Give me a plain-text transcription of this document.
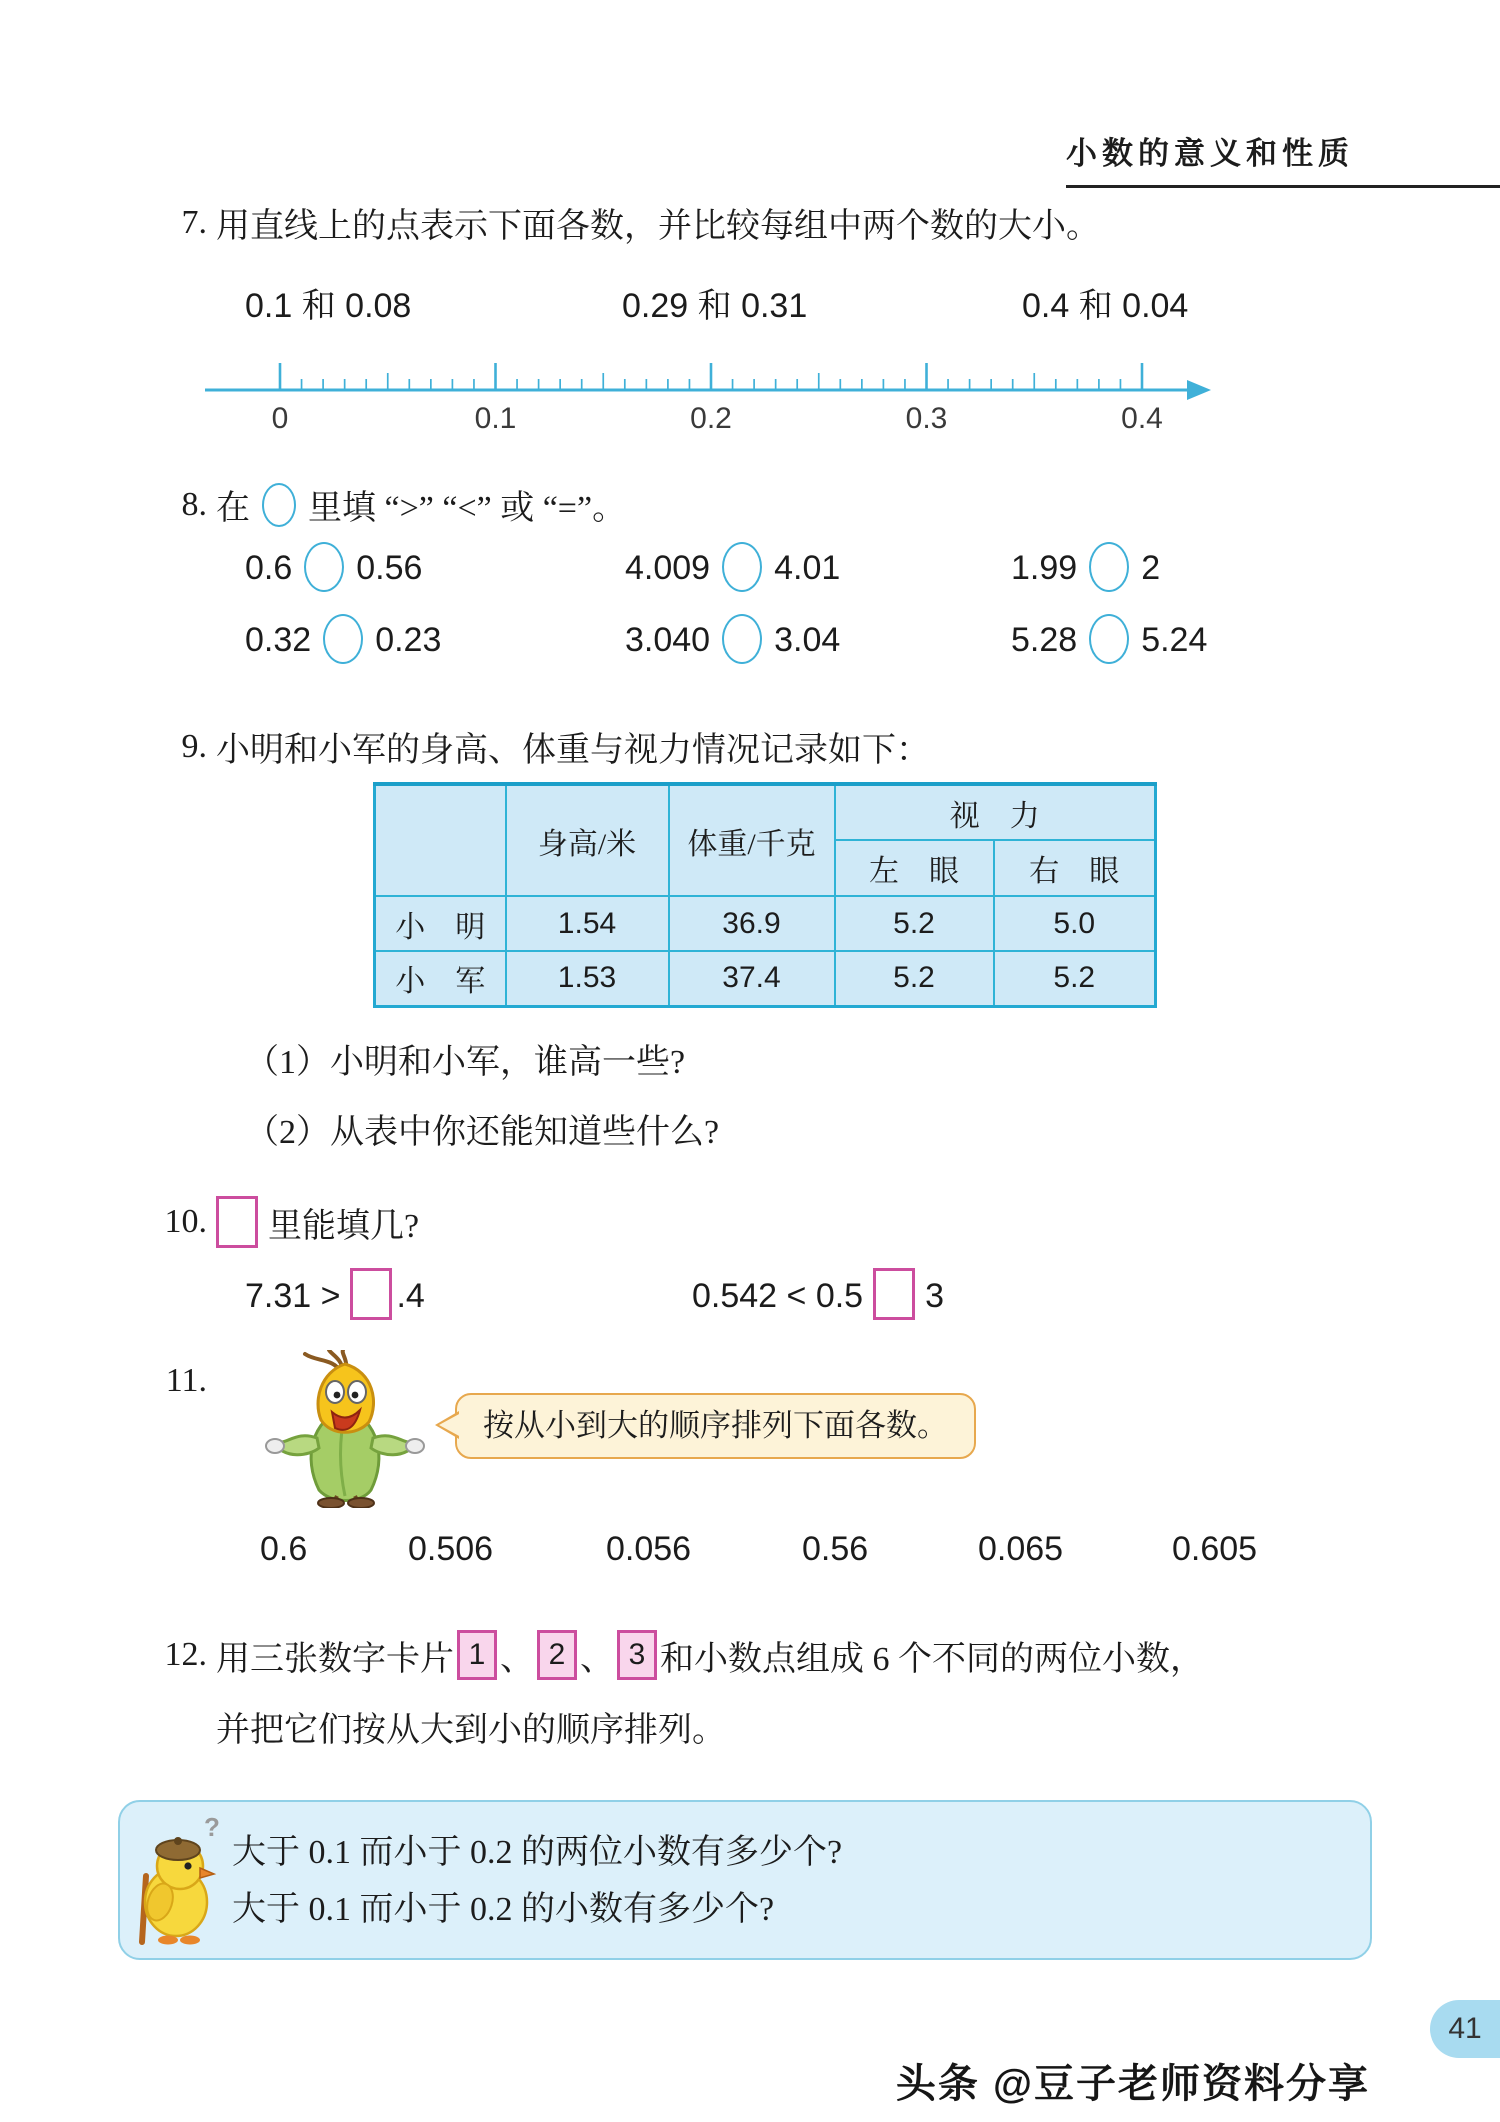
小数的意义和性质
7. 用直线上的点表示下面各数，并比较每组中两个数的大小。
0.1 和 0.08	0.29 和 0.31	0.4 和 0.04
0	0.1	0.2	0.3	0.4
8. 在 里填 “>” “<” 或 “=”。
0.6 0.56	4.009 4.01	1.99 2
0.32 0.23	3.040 3.04	5.28 5.24
9. 小明和小军的身高、体重与视力情况记录如下：
	身高/米	体重/千克	视　力	
			左　眼	右　眼
小　明	1.54	36.9	5.2	5.0
小　军	1.53	37.4	5.2	5.2
（1）小明和小军，谁高一些?
（2）从表中你还能知道些什么?
10. 里能填几?
7.31 > .4	0.542 < 0.5 3
11.
按从小到大的顺序排列下面各数。
0.6	0.506	0.056	0.56	0.065	0.605
12. 用三张数字卡片 1 、 2 、 3 和小数点组成 6 个不同的两位小数，
并把它们按从大到小的顺序排列。
?
大于 0.1 而小于 0.2 的两位小数有多少个?
大于 0.1 而小于 0.2 的小数有多少个?
41
头条 @豆子老师资料分享
